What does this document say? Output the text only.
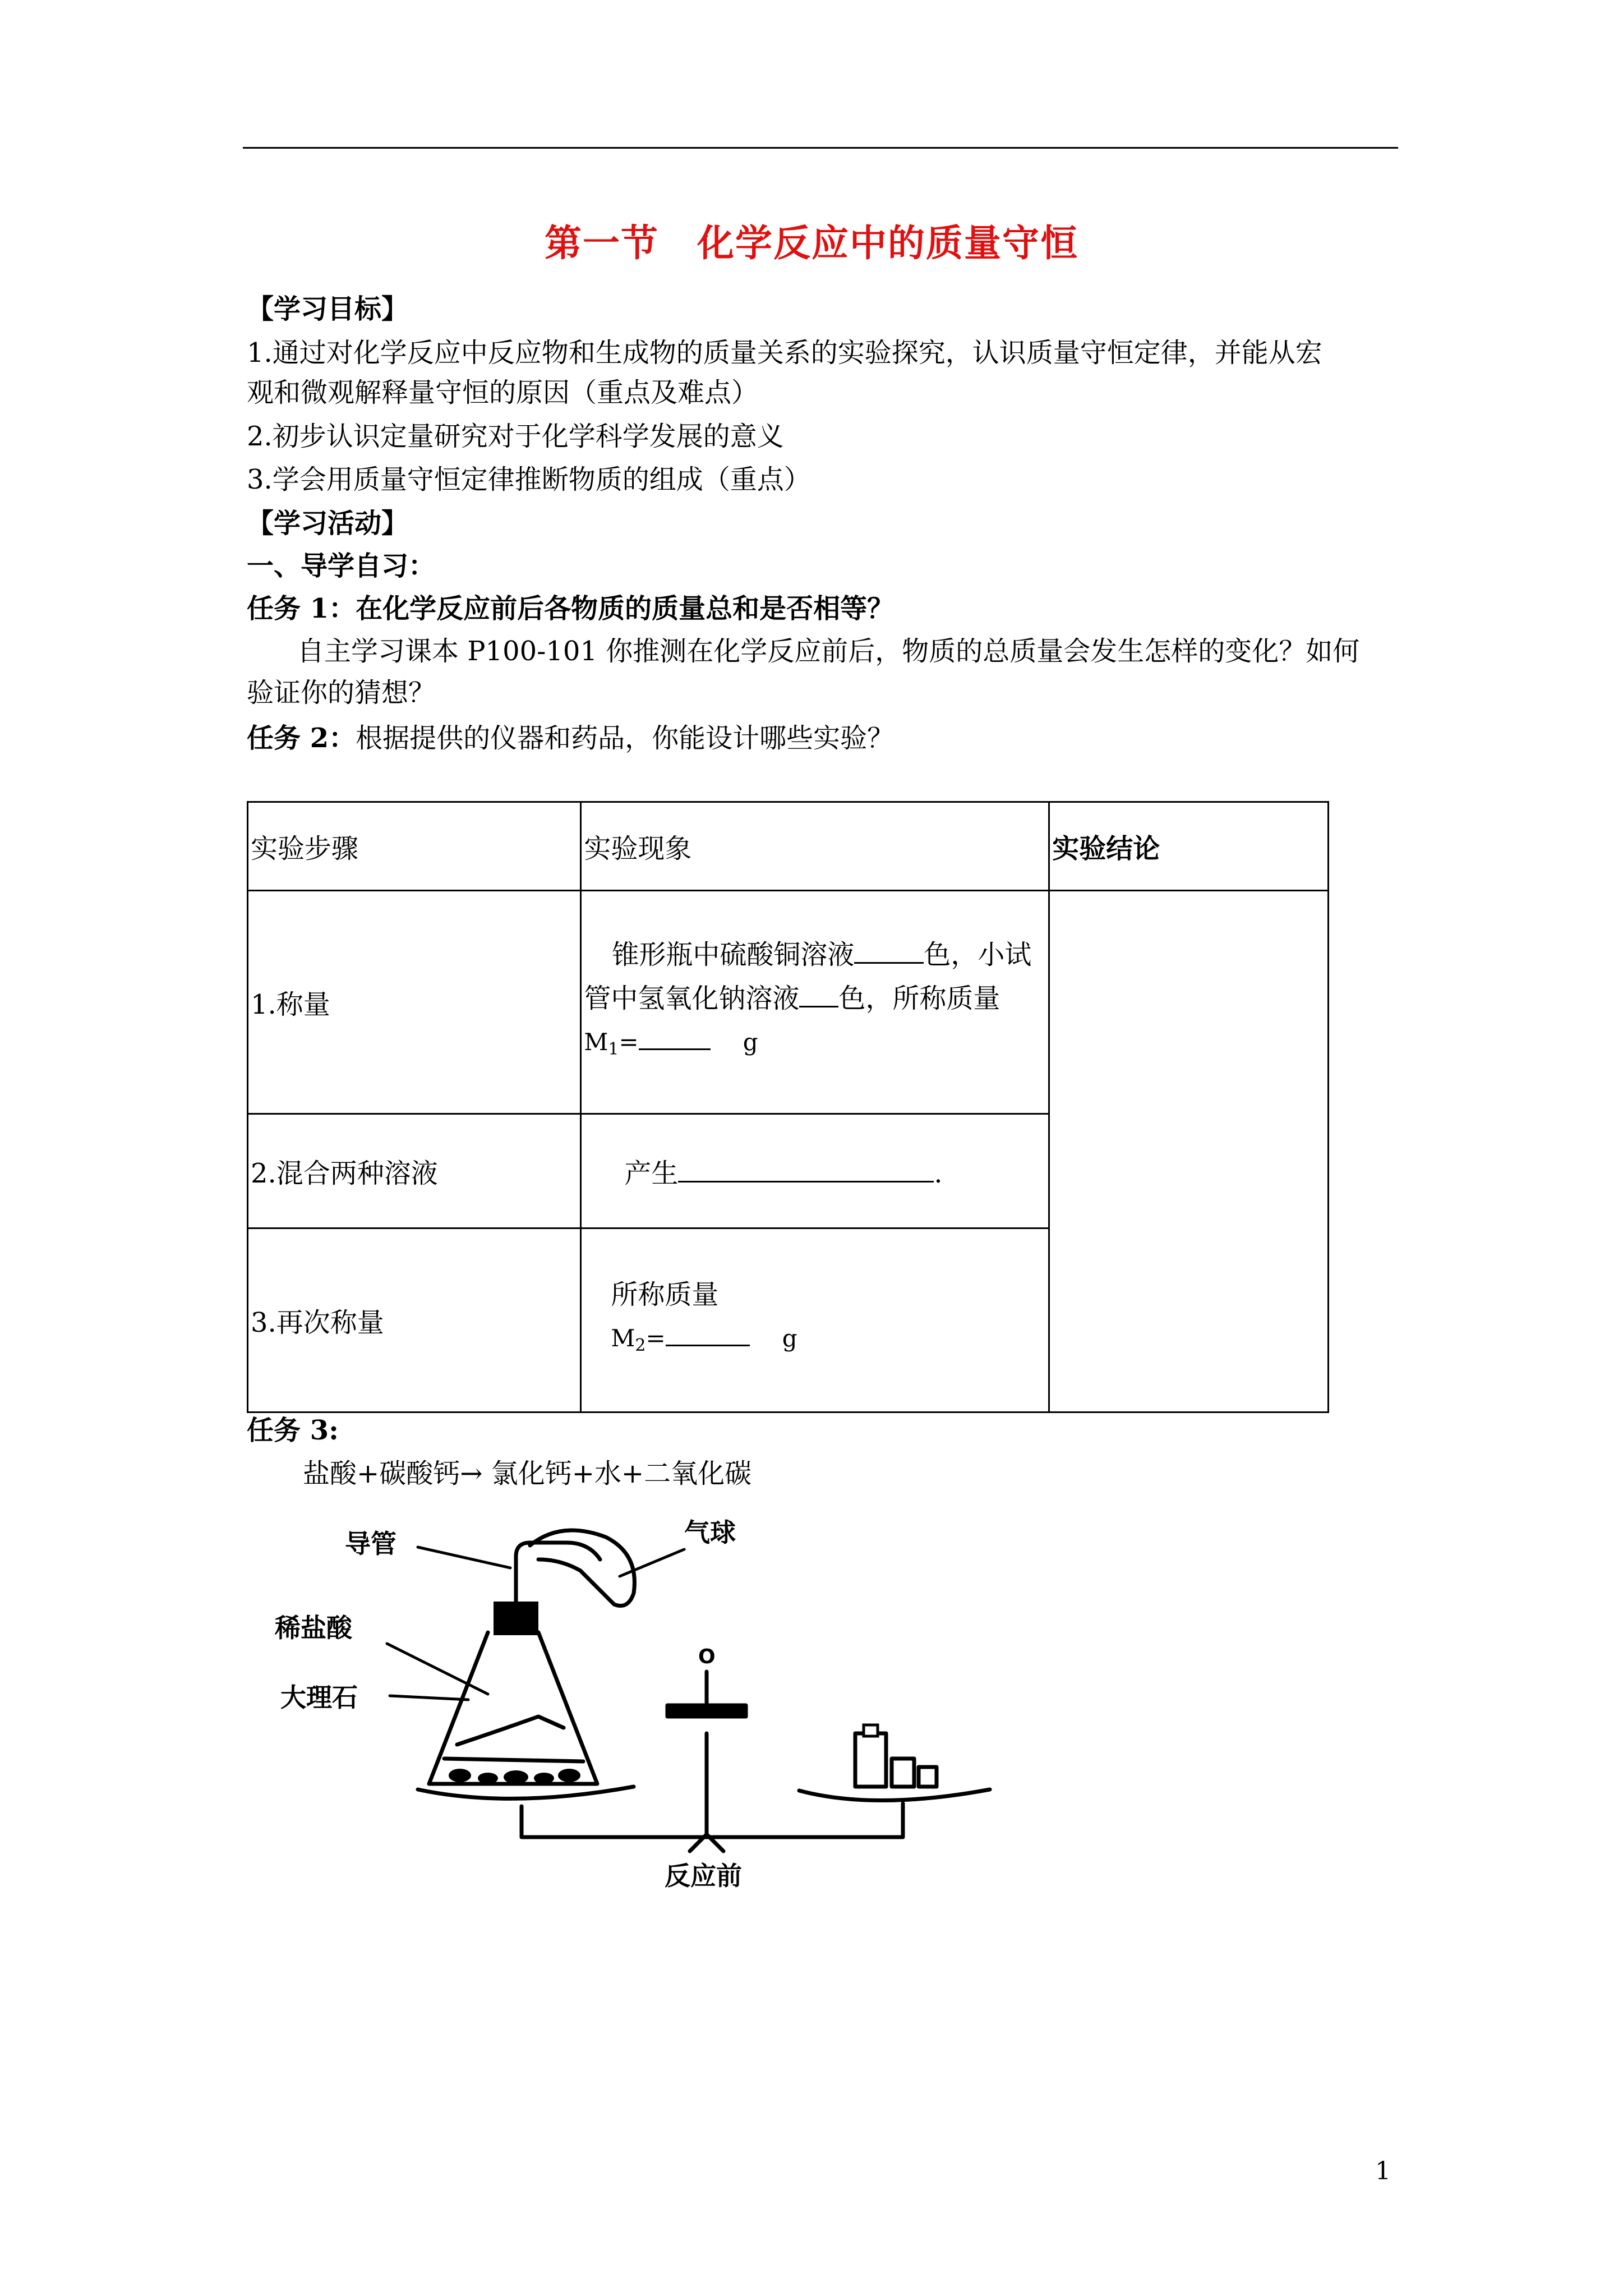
第一节　化学反应中的质量守恒
【学习目标】
1.通过对化学反应中反应物和生成物的质量关系的实验探究，认识质量守恒定律，并能从宏
观和微观解释量守恒的原因（重点及难点）
2.初步认识定量研究对于化学科学发展的意义
3.学会用质量守恒定律推断物质的组成（重点）
【学习活动】
一、导学自习：
任务 1：在化学反应前后各物质的质量总和是否相等？
自主学习课本 P100-101 你推测在化学反应前后，物质的总质量会发生怎样的变化？如何
验证你的猜想？
任务 2：根据提供的仪器和药品，你能设计哪些实验？
实验步骤	实验现象	实验结论
1.称量	锥形瓶中硫酸铜溶液 色，小试
管中氢氧化钠溶液 色，所称质量
$M_1= g$	

2.混合两种溶液	产生 .	

3.再次称量	所称质量
$M_2= g$	
任务 3:
盐酸+碳酸钙→ 氯化钙+水+二氧化碳
导管	气球
稀盐酸
大理石
O
反应前
1
